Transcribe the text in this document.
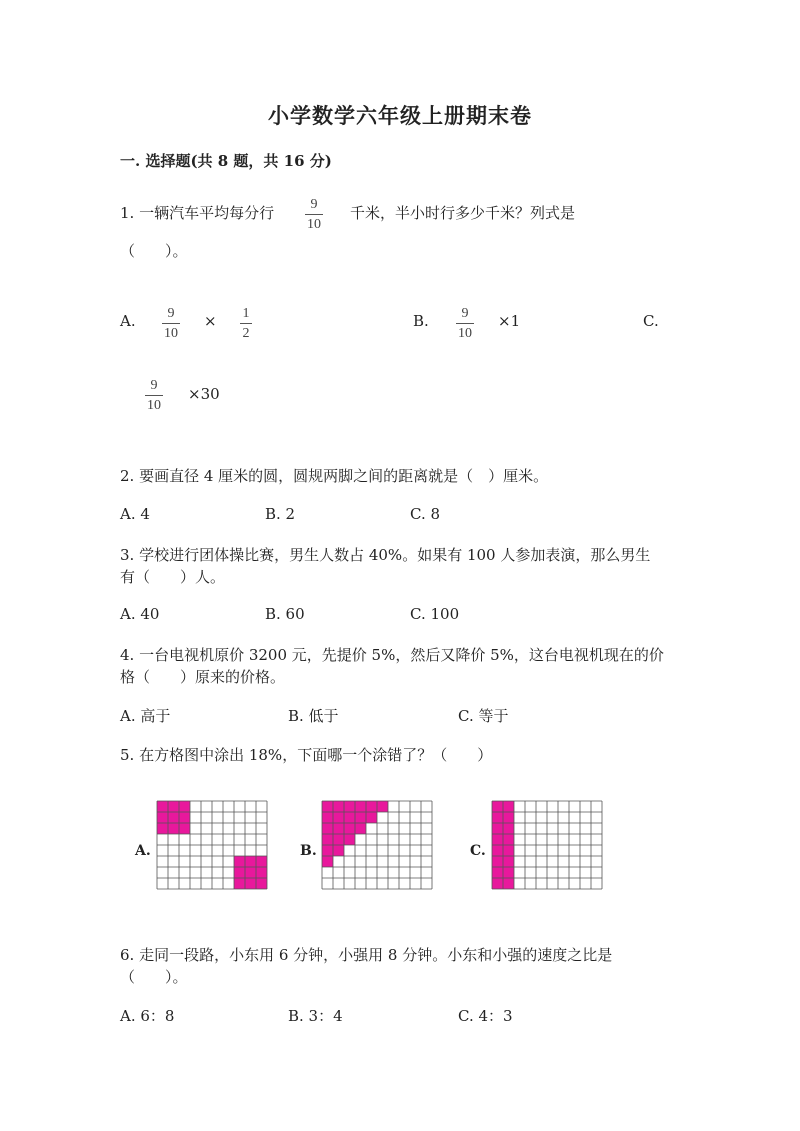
小学数学六年级上册期末卷
一. 选择题(共 8 题，共 16 分)
1. 一辆汽车平均每分行	9
10
千米，半小时行多少千米？列式是
（　　）。
A. 9
10
× 1
2
B. 9
10
×1	C.
9
10
×30
2. 要画直径 4 厘米的圆，圆规两脚之间的距离就是（　）厘米。
A. 4	B. 2	C. 8
3. 学校进行团体操比赛，男生人数占 40%。如果有 100 人参加表演，那么男生
有（　　）人。
A. 40	B. 60	C. 100
4. 一台电视机原价 3200 元，先提价 5%，然后又降价 5%，这台电视机现在的价
格（　　）原来的价格。
A. 高于	B. 低于	C. 等于
5. 在方格图中涂出 18%，下面哪一个涂错了？（　　）
A.	B.	C.
6. 走同一段路，小东用 6 分钟，小强用 8 分钟。小东和小强的速度之比是
（　　）。
A. 6：8	B. 3：4	C. 4：3
